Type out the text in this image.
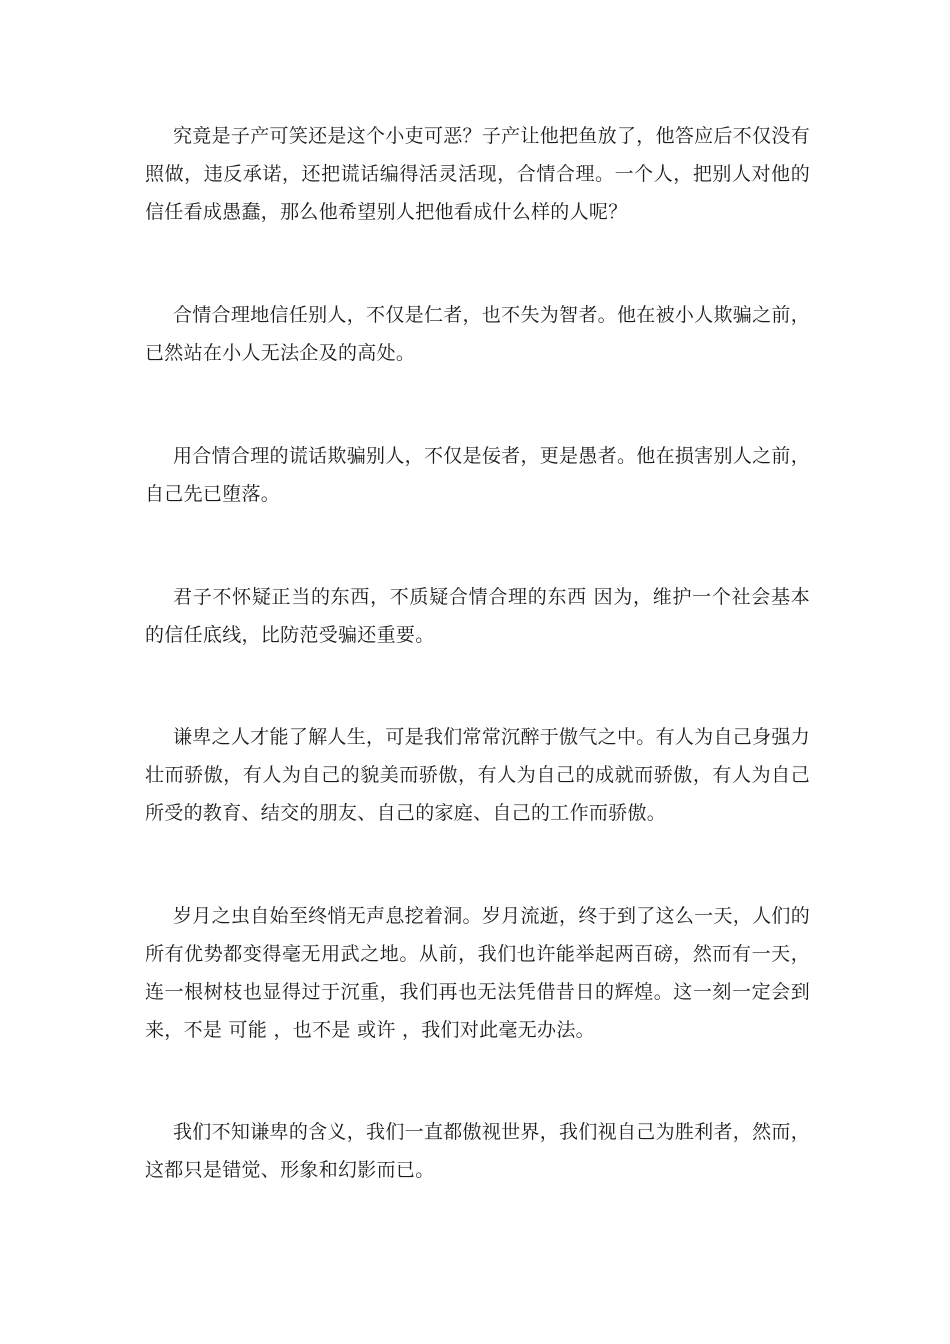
究竟是子产可笑还是这个小吏可恶？子产让他把鱼放了，他答应后不仅没有照做，违反承诺，还把谎话编得活灵活现，合情合理。一个人，把别人对他的信任看成愚蠢，那么他希望别人把他看成什么样的人呢？

合情合理地信任别人，不仅是仁者，也不失为智者。他在被小人欺骗之前，已然站在小人无法企及的高处。

用合情合理的谎话欺骗别人，不仅是佞者，更是愚者。他在损害别人之前，自己先已堕落。

君子不怀疑正当的东西，不质疑合情合理的东西 因为，维护一个社会基本的信任底线，比防范受骗还重要。

谦卑之人才能了解人生，可是我们常常沉醉于傲气之中。有人为自己身强力壮而骄傲，有人为自己的貌美而骄傲，有人为自己的成就而骄傲，有人为自己所受的教育、结交的朋友、自己的家庭、自己的工作而骄傲。

岁月之虫自始至终悄无声息挖着洞。岁月流逝，终于到了这么一天，人们的所有优势都变得毫无用武之地。从前，我们也许能举起两百磅，然而有一天，连一根树枝也显得过于沉重，我们再也无法凭借昔日的辉煌。这一刻一定会到来，不是 可能 ，也不是 或许 ，我们对此毫无办法。

我们不知谦卑的含义，我们一直都傲视世界，我们视自己为胜利者，然而，这都只是错觉、形象和幻影而已。
